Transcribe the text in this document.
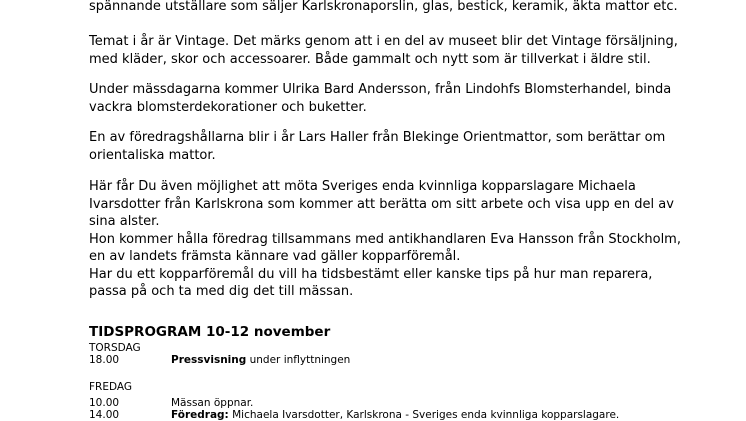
spännande utställare som säljer Karlskronaporslin, glas, bestick, keramik, äkta mattor etc.

Temat i år är Vintage. Det märks genom att i en del av museet blir det Vintage försäljning,
med kläder, skor och accessoarer. Både gammalt och nytt som är tillverkat i äldre stil.

Under mässdagarna kommer Ulrika Bard Andersson, från Lindohfs Blomsterhandel, binda
vackra blomsterdekorationer och buketter.

En av föredragshållarna blir i år Lars Haller från Blekinge Orientmattor, som berättar om
orientaliska mattor.

Här får Du även möjlighet att möta Sveriges enda kvinnliga kopparslagare Michaela
Ivarsdotter från Karlskrona som kommer att berätta om sitt arbete och visa upp en del av
sina alster.
Hon kommer hålla föredrag tillsammans med antikhandlaren Eva Hansson från Stockholm,
en av landets främsta kännare vad gäller kopparföremål.
Har du ett kopparföremål du vill ha tidsbestämt eller kanske tips på hur man reparera,
passa på och ta med dig det till mässan.

TIDSPROGRAM 10-12 november
TORSDAG
18.00	Pressvisning under inflyttningen
FREDAG
10.00	Mässan öppnar.
14.00	Föredrag: Michaela Ivarsdotter, Karlskrona - Sveriges enda kvinnliga kopparslagare.
